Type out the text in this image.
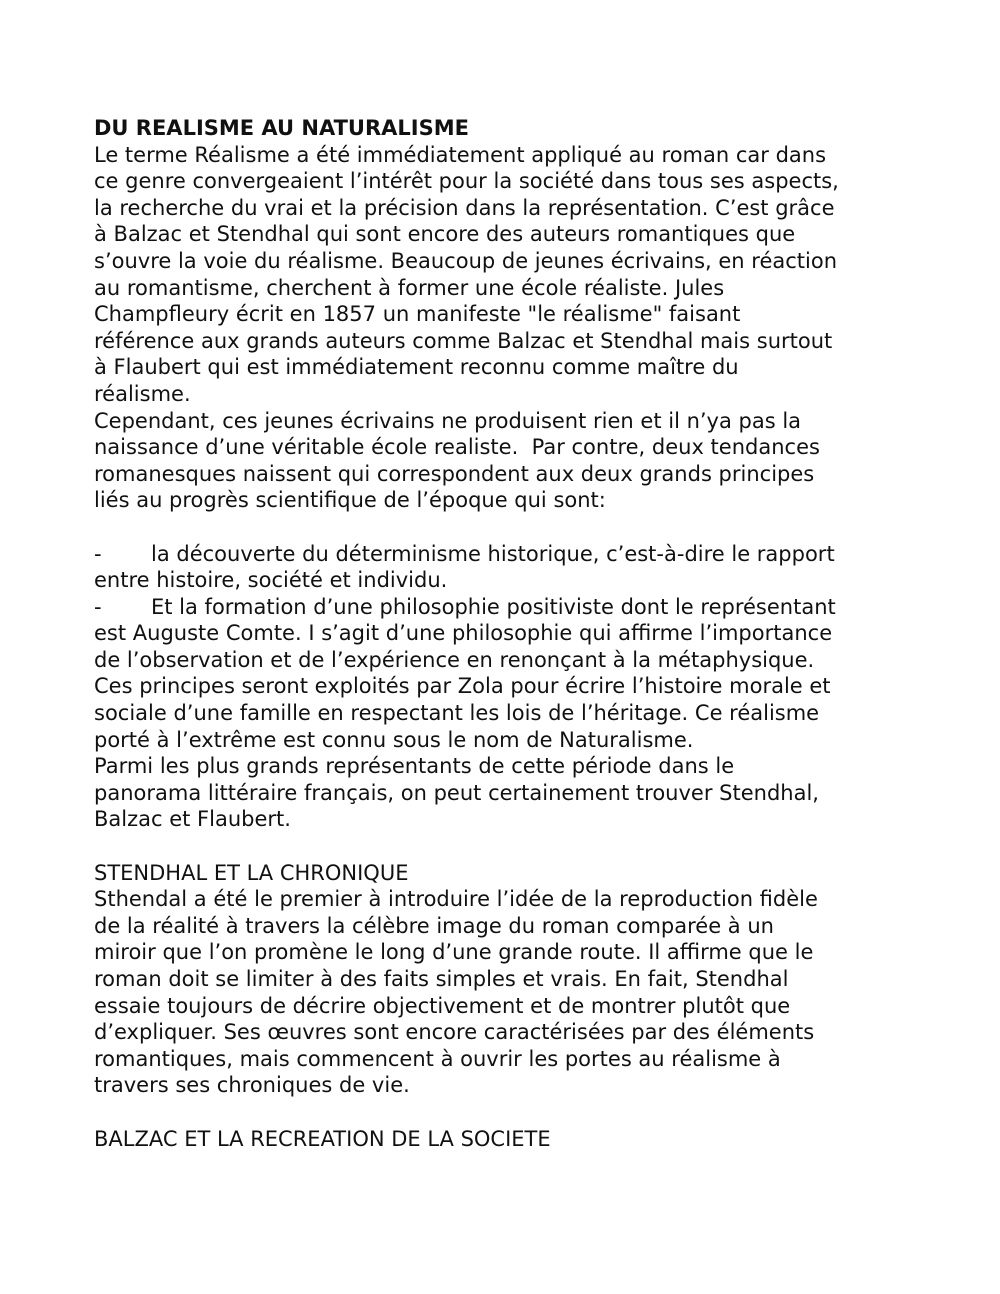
DU REALISME AU NATURALISME
Le terme Réalisme a été immédiatement appliqué au roman car dans
ce genre convergeaient l’intérêt pour la société dans tous ses aspects,
la recherche du vrai et la précision dans la représentation. C’est grâce
à Balzac et Stendhal qui sont encore des auteurs romantiques que
s’ouvre la voie du réalisme. Beaucoup de jeunes écrivains, en réaction
au romantisme, cherchent à former une école réaliste. Jules
Champfleury écrit en 1857 un manifeste "le réalisme" faisant
référence aux grands auteurs comme Balzac et Stendhal mais surtout
à Flaubert qui est immédiatement reconnu comme maître du
réalisme.
Cependant, ces jeunes écrivains ne produisent rien et il n’ya pas la
naissance d’une véritable école realiste.  Par contre, deux tendances
romanesques naissent qui correspondent aux deux grands principes
liés au progrès scientifique de l’époque qui sont:
- la découverte du déterminisme historique, c’est-à-dire le rapport
entre histoire, société et individu.
- Et la formation d’une philosophie positiviste dont le représentant
est Auguste Comte. I s’agit d’une philosophie qui affirme l’importance
de l’observation et de l’expérience en renonçant à la métaphysique.
Ces principes seront exploités par Zola pour écrire l’histoire morale et
sociale d’une famille en respectant les lois de l’héritage. Ce réalisme
porté à l’extrême est connu sous le nom de Naturalisme.
Parmi les plus grands représentants de cette période dans le
panorama littéraire français, on peut certainement trouver Stendhal,
Balzac et Flaubert.
STENDHAL ET LA CHRONIQUE
Sthendal a été le premier à introduire l’idée de la reproduction fidèle
de la réalité à travers la célèbre image du roman comparée à un
miroir que l’on promène le long d’une grande route. Il affirme que le
roman doit se limiter à des faits simples et vrais. En fait, Stendhal
essaie toujours de décrire objectivement et de montrer plutôt que
d’expliquer. Ses œuvres sont encore caractérisées par des éléments
romantiques, mais commencent à ouvrir les portes au réalisme à
travers ses chroniques de vie.
BALZAC ET LA RECREATION DE LA SOCIETE
